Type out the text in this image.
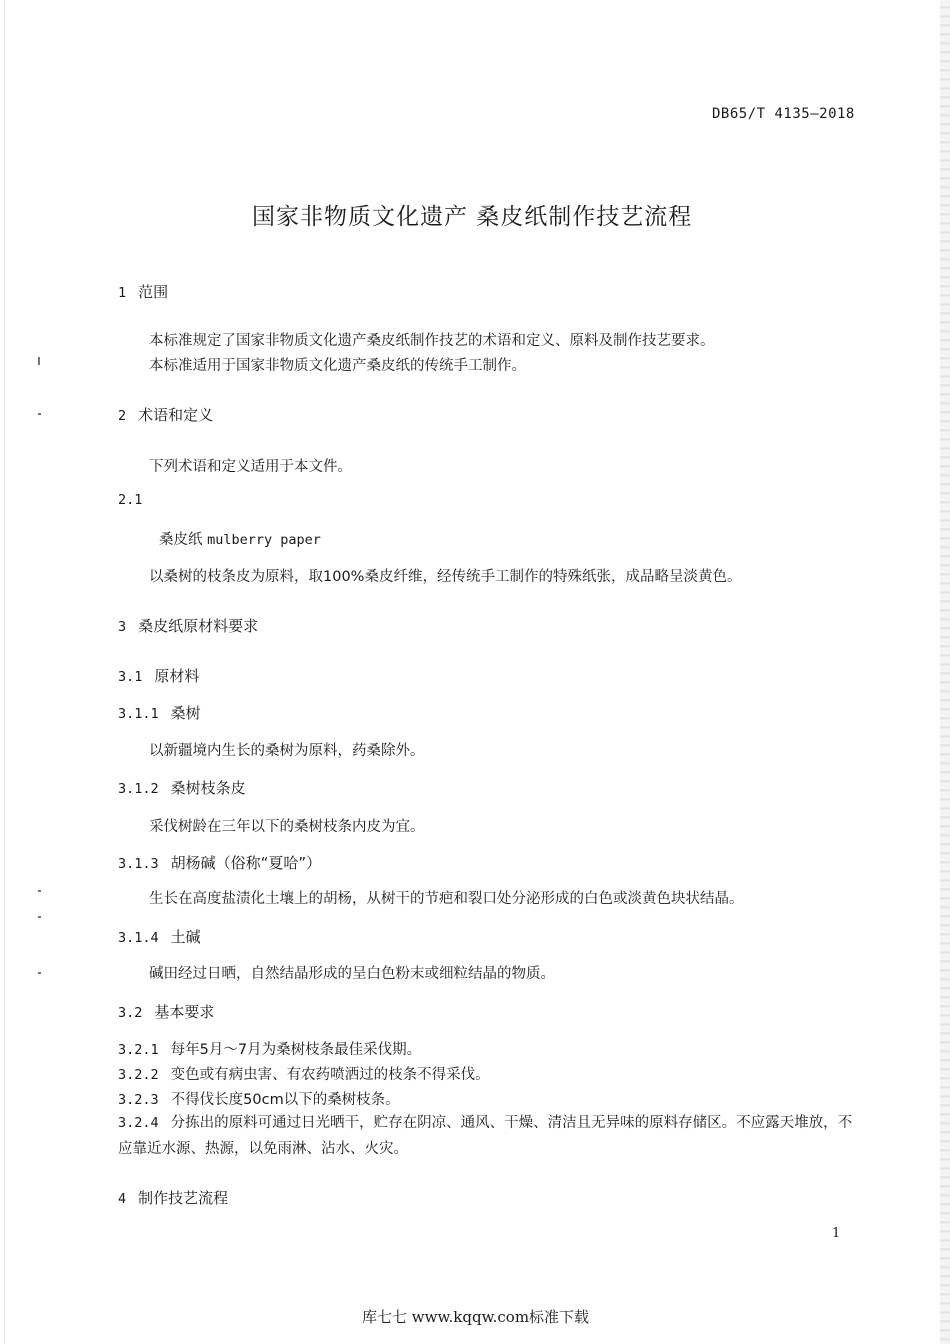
DB65/T 4135—2018
国家非物质文化遗产 桑皮纸制作技艺流程
1 范围
本标准规定了国家非物质文化遗产桑皮纸制作技艺的术语和定义、原料及制作技艺要求。
本标准适用于国家非物质文化遗产桑皮纸的传统手工制作。
2 术语和定义
下列术语和定义适用于本文件。
2.1
桑皮纸 mulberry paper
以桑树的枝条皮为原料，取100%桑皮纤维，经传统手工制作的特殊纸张，成品略呈淡黄色。
3 桑皮纸原材料要求
3.1 原材料
3.1.1 桑树
以新疆境内生长的桑树为原料，药桑除外。
3.1.2 桑树枝条皮
采伐树龄在三年以下的桑树枝条内皮为宜。
3.1.3 胡杨碱（俗称“夏哈”）
生长在高度盐渍化土壤上的胡杨，从树干的节疤和裂口处分泌形成的白色或淡黄色块状结晶。
3.1.4 土碱
碱田经过日晒，自然结晶形成的呈白色粉末或细粒结晶的物质。
3.2 基本要求
3.2.1 每年5月～7月为桑树枝条最佳采伐期。
3.2.2 变色或有病虫害、有农药喷洒过的枝条不得采伐。
3.2.3 不得伐长度50cm以下的桑树枝条。
3.2.4 分拣出的原料可通过日光晒干，贮存在阴凉、通风、干燥、清洁且无异味的原料存储区。不应露天堆放，不应靠近水源、热源，以免雨淋、沾水、火灾。
4 制作技艺流程
1
库七七 www.kqqw.com标准下载
